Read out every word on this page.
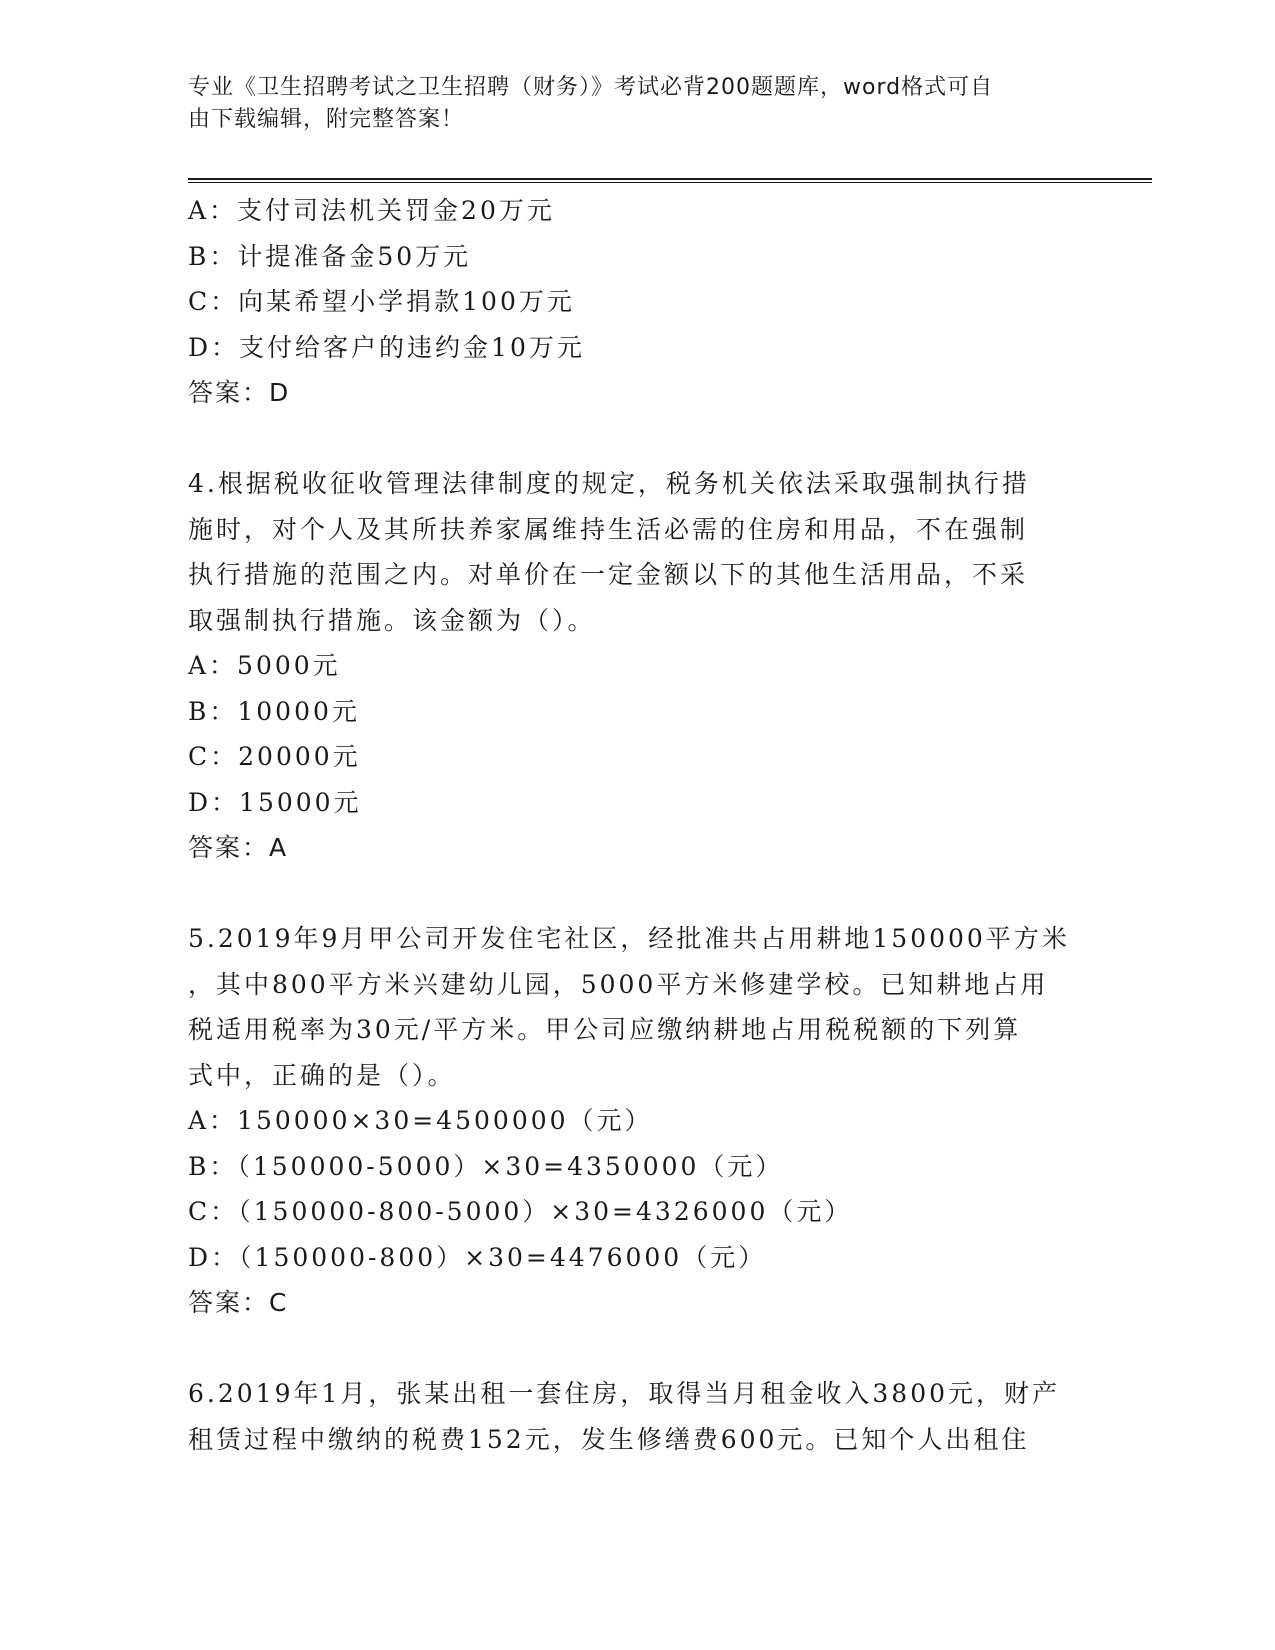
专业《卫生招聘考试之卫生招聘（财务）》考试必背200题题库，word格式可自
由下载编辑，附完整答案！
A：支付司法机关罚金20万元
B：计提准备金50万元
C：向某希望小学捐款100万元
D：支付给客户的违约金10万元
答案：D
4.根据税收征收管理法律制度的规定，税务机关依法采取强制执行措
施时，对个人及其所扶养家属维持生活必需的住房和用品，不在强制
执行措施的范围之内。对单价在一定金额以下的其他生活用品，不采
取强制执行措施。该金额为（）。
A：5000元
B：10000元
C：20000元
D：15000元
答案：A
5.2019年9月甲公司开发住宅社区，经批准共占用耕地150000平方米
，其中800平方米兴建幼儿园，5000平方米修建学校。已知耕地占用
税适用税率为30元/平方米。甲公司应缴纳耕地占用税税额的下列算
式中，正确的是（）。
A：150000×30=4500000（元）
B：（150000-5000）×30=4350000（元）
C：（150000-800-5000）×30=4326000（元）
D：（150000-800）×30=4476000（元）
答案：C
6.2019年1月，张某出租一套住房，取得当月租金收入3800元，财产
租赁过程中缴纳的税费152元，发生修缮费600元。已知个人出租住
